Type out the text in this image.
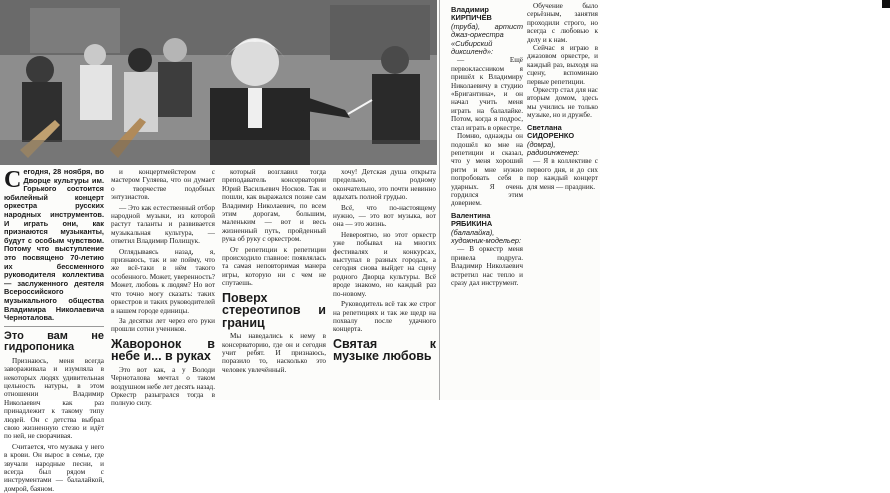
Сегодня, 28 ноября, во Дворце культуры им. Горького состоится юбилейный концерт оркестра русских народных инструментов. И играть они, как признаются музыканты, будут с особым чувством. Потому что выступление это посвящено 70-летию их бессменного руководителя коллектива — заслуженного деятеля Всероссийского музыкального общества Владимира Николаевича Черноталова.
Это вам не гидропоника

Признаюсь, меня всегда завораживала и изумляла в некоторых людях удивительная цельность натуры, в этом отношении Владимир Николаевич как раз принадлежит к такому типу людей. Он с детства выбрал свою жизненную стезю и идёт по ней, не сворачивая.

Считается, что музыка у него в крови. Он вырос в семье, где звучали народные песни, и всегда был рядом с инструментами — балалайкой, домрой, баяном.

и концертмейстером с мастером Гуляева, что он думает о творчестве подобных энтузиастов.

— Это как естественный отбор народной музыки, из которой растут таланты и развивается музыкальная культура, — ответил Владимир Полищук.

Оглядываясь назад, я, признаюсь, так и не пойму, что же всё-таки в нём такого особенного. Может, уверенность? Может, любовь к людям? Но вот что точно могу сказать: таких оркестров и таких руководителей в нашем городе единицы.

За десятки лет через его руки прошли сотни учеников.

Жаворонок в небе и... в руках

Это вот как, а у Володи Черноталова мечтал о таком воздушном небе лет десять назад. Оркестр разыгрался тогда в полную силу.

который возглавил тогда преподаватель консерватории Юрий Васильевич Носков. Так и пошли, как выражался позже сам Владимир Николаевич, по всем этим дорогам, большим, маленьким — вот и весь жизненный путь, пройденный рука об руку с оркестром.

От репетиции к репетиции происходило главное: появлялась та самая неповторимая манера игры, которую ни с чем не спутаешь.

Поверх стереотипов и границ

Мы наведались к нему в консерваторию, где он и сегодня учит ребят. И признаюсь, поразило то, насколько это человек увлечённый.

хочу! Детская душа открыта предельно, родному окончательно, это почти невинно вдыхать полной грудью.

Всё, что по-настоящему нужно, — это вот музыка, вот она — это жизнь.

Невероятно, но этот оркестр уже побывал на многих фестивалях и конкурсах, выступал в разных городах, а сегодня снова выйдет на сцену родного Дворца культуры. Всё вроде знакомо, но каждый раз по-новому.

Руководитель всё так же строг на репетициях и так же щедр на похвалу после удачного концерта.

Святая к музыке любовь
Владимир КИРПИЧЁВ
(труба), артист джаз-оркестра «Сибирский диксиленд»:

— Ещё первоклассником я пришёл к Владимиру Николаевичу в студию «Бригантина», и он начал учить меня играть на балалайке. Потом, когда я подрос, стал играть в оркестре.

Помню, однажды он подошёл ко мне на репетиции и сказал, что у меня хороший ритм и мне нужно попробовать себя в ударных. Я очень гордился этим доверием.

Валентина РЯБИКИНА
(балалайка), художник-модельер:

— В оркестр меня привела подруга. Владимир Николаевич встретил нас тепло и сразу дал инструмент.

Обучение было серьёзным, занятия проходили строго, но всегда с любовью к делу и к нам.

Сейчас я играю в джазовом оркестре, и каждый раз, выходя на сцену, вспоминаю первые репетиции.

Оркестр стал для нас вторым домом, здесь мы учились не только музыке, но и дружбе.

Светлана СИДОРЕНКО
(домра), радиоинженер:

— Я в коллективе с первого дня, и до сих пор каждый концерт для меня — праздник.
